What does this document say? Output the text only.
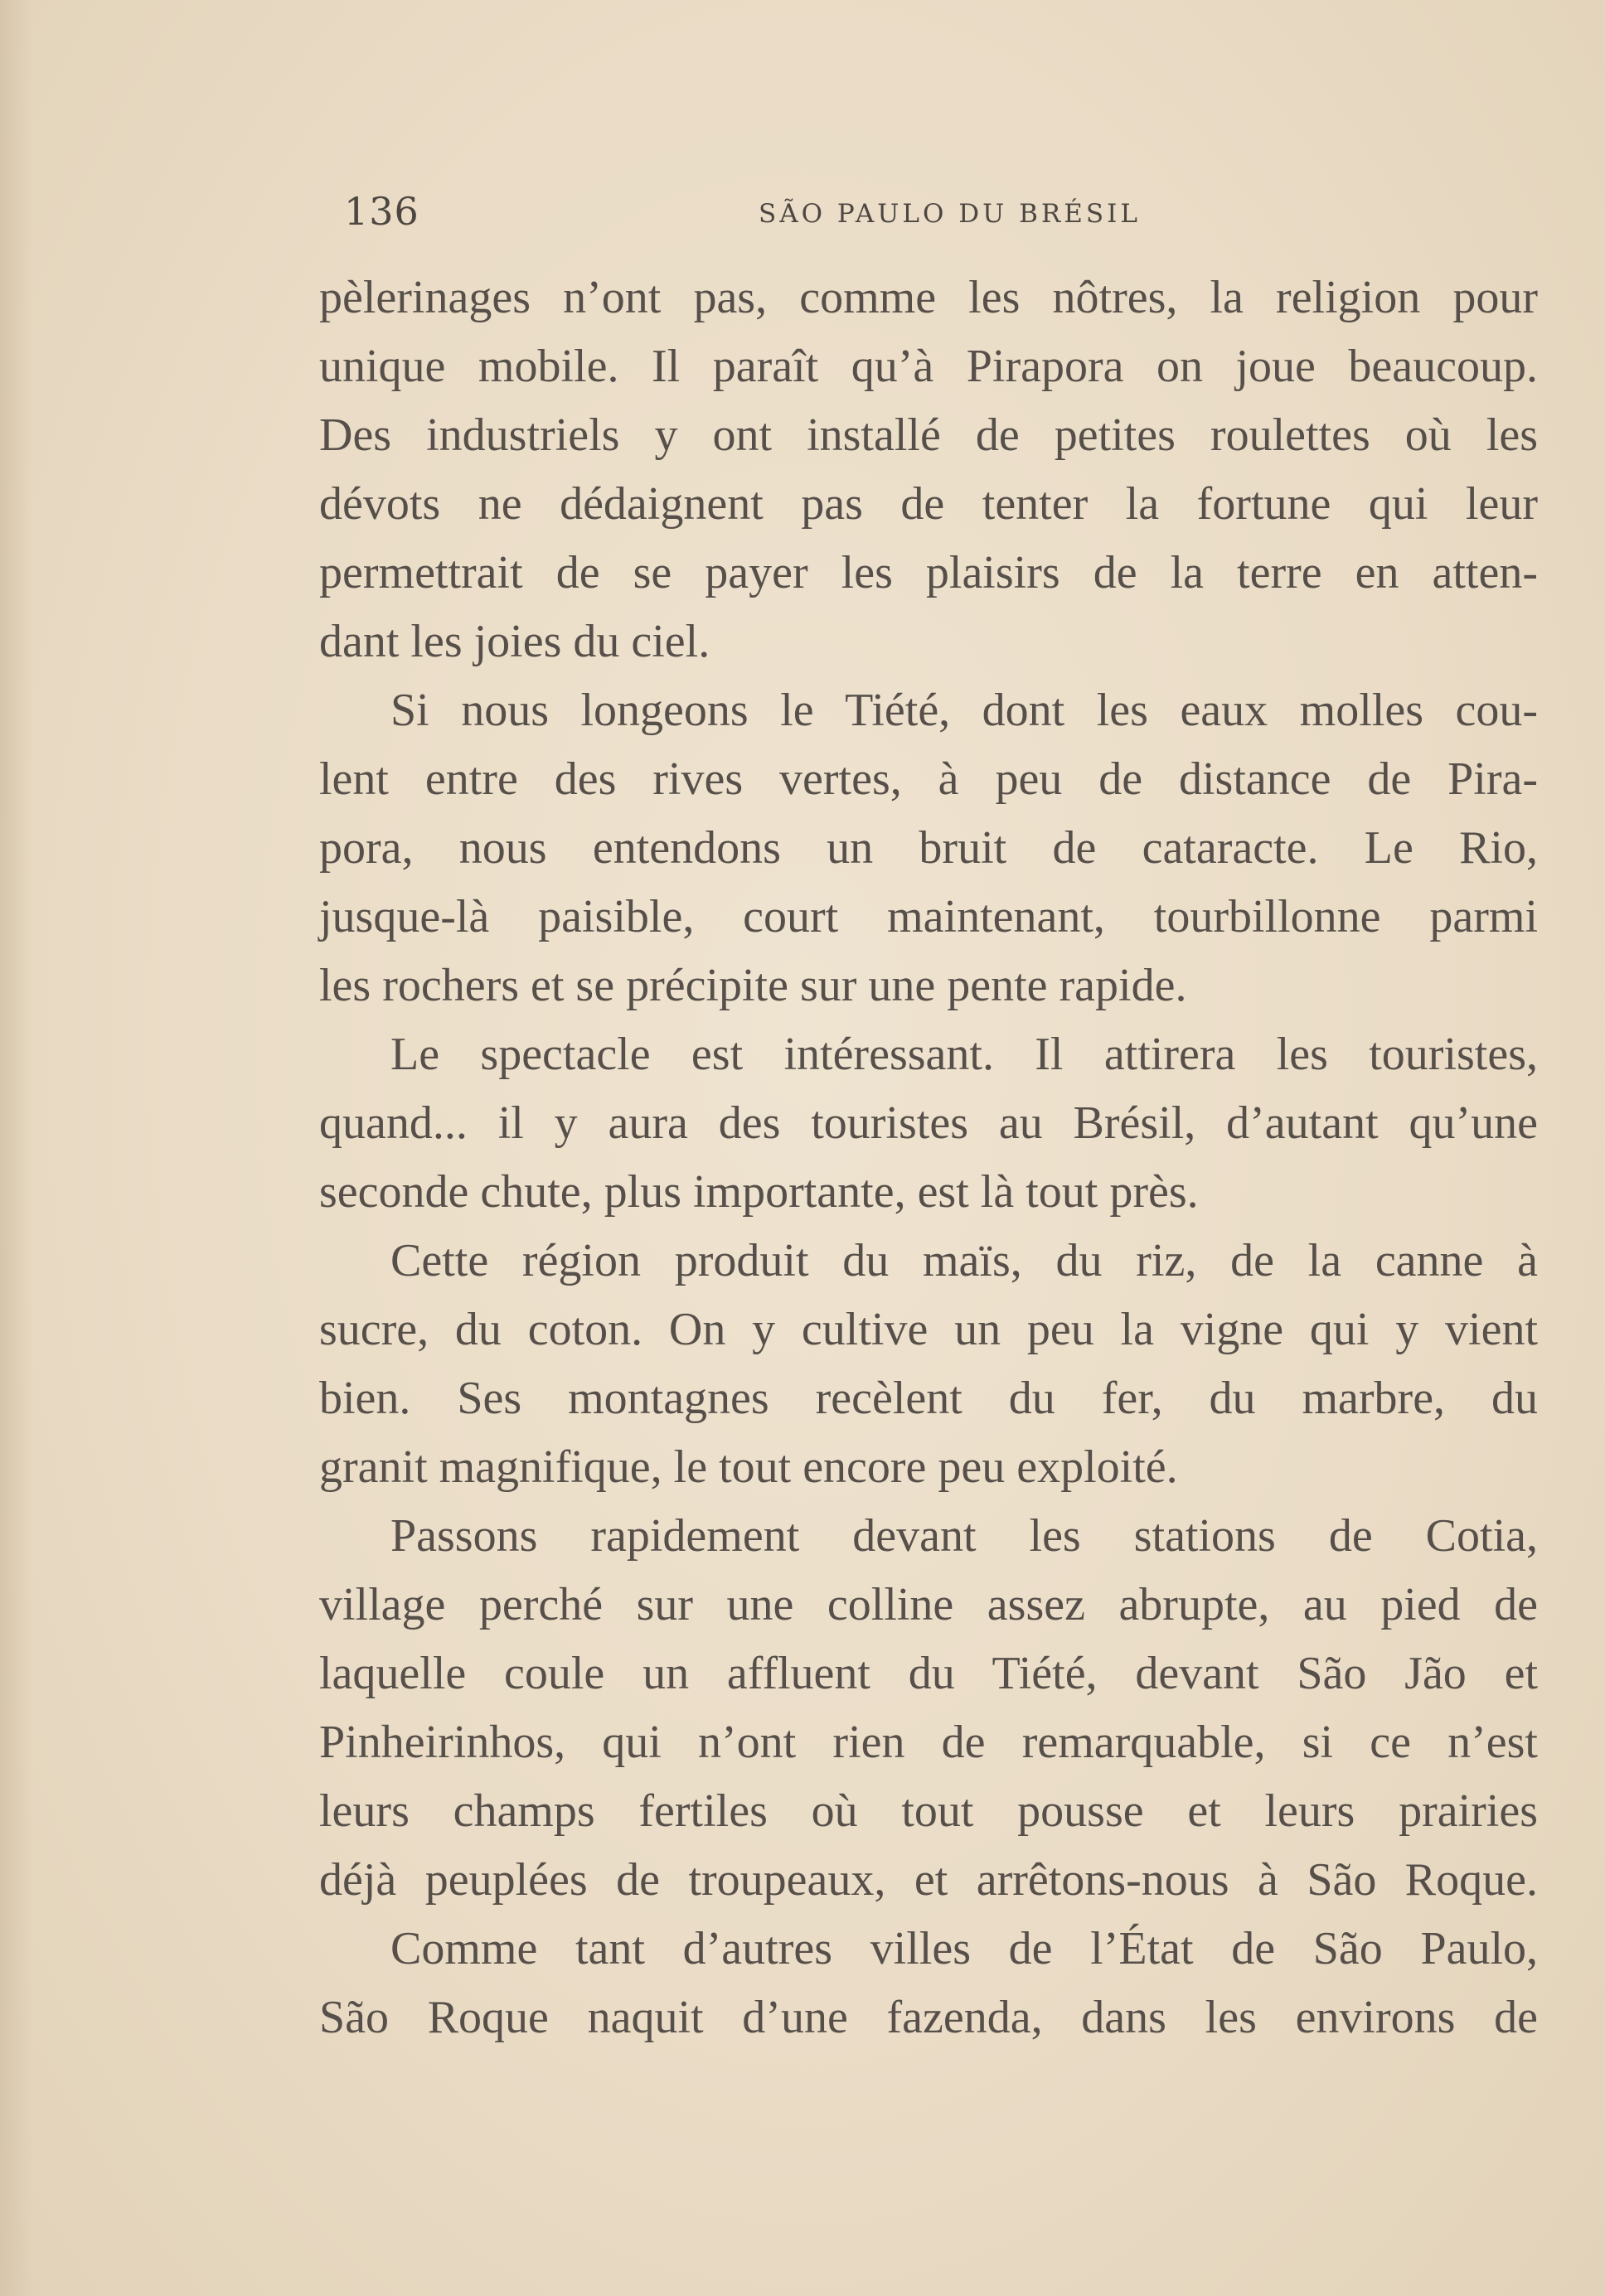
136	SÃO PAULO DU BRÉSIL
pèlerinages n’ont pas, comme les nôtres, la religion pour
unique mobile. Il paraît qu’à Pirapora on joue beaucoup.
Des industriels y ont installé de petites roulettes où les
dévots ne dédaignent pas de tenter la fortune qui leur
permettrait de se payer les plaisirs de la terre en atten-
dant les joies du ciel.
Si nous longeons le Tiété, dont les eaux molles cou-
lent entre des rives vertes, à peu de distance de Pira-
pora, nous entendons un bruit de cataracte. Le Rio,
jusque-là paisible, court maintenant, tourbillonne parmi
les rochers et se précipite sur une pente rapide.
Le spectacle est intéressant. Il attirera les touristes,
quand... il y aura des touristes au Brésil, d’autant qu’une
seconde chute, plus importante, est là tout près.
Cette région produit du maïs, du riz, de la canne à
sucre, du coton. On y cultive un peu la vigne qui y vient
bien. Ses montagnes recèlent du fer, du marbre, du
granit magnifique, le tout encore peu exploité.
Passons rapidement devant les stations de Cotia,
village perché sur une colline assez abrupte, au pied de
laquelle coule un affluent du Tiété, devant São Jão et
Pinheirinhos, qui n’ont rien de remarquable, si ce n’est
leurs champs fertiles où tout pousse et leurs prairies
déjà peuplées de troupeaux, et arrêtons-nous à São Roque.
Comme tant d’autres villes de l’État de São Paulo,
São Roque naquit d’une fazenda, dans les environs de
